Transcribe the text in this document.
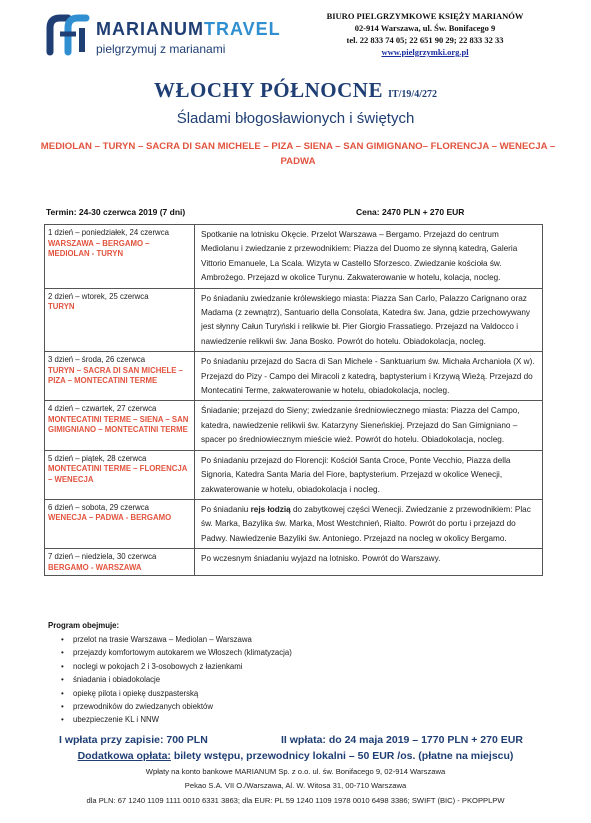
MARIANUMTRAVEL
pielgrzymuj z marianami
BIURO PIELGRZYMKOWE KSIĘŻY MARIANÓW
02-914 Warszawa, ul. Św. Bonifacego 9
tel. 22 833 74 05; 22 651 90 29; 22 833 32 33
www.pielgrzymki.org.pl
WŁOCHY PÓŁNOCNE IT/19/4/272
Śladami błogosławionych i świętych
MEDIOLAN – TURYN – SACRA DI SAN MICHELE – PIZA – SIENA – SAN GIMIGNANO– FLORENCJA – WENECJA – PADWA
Termin: 24-30 czerwca 2019 (7 dni)	Cena: 2470 PLN + 270 EUR
1 dzień – poniedziałek, 24 czerwca
WARSZAWA – BERGAMO – MEDIOLAN - TURYN	Spotkanie na lotnisku Okęcie. Przelot Warszawa – Bergamo. Przejazd do centrum Mediolanu i zwiedzanie z przewodnikiem: Piazza del Duomo ze słynną katedrą, Galeria Vittorio Emanuele, La Scala. Wizyta w Castello Sforzesco. Zwiedzanie kościoła św. Ambrożego. Przejazd w okolice Turynu. Zakwaterowanie w hotelu, kolacja, nocleg.

2 dzień – wtorek, 25 czerwca
TURYN	Po śniadaniu zwiedzanie królewskiego miasta: Piazza San Carlo, Palazzo Carignano oraz Madama (z zewnątrz), Santuario della Consolata, Katedra św. Jana, gdzie przechowywany jest słynny Całun Turyński i relikwie bł. Pier Giorgio Frassatiego. Przejazd na Valdocco i nawiedzenie relikwii św. Jana Bosko. Powrót do hotelu. Obiadokolacja, nocleg.

3 dzień – środa, 26 czerwca
TURYN – SACRA DI SAN MICHELE – PIZA – MONTECATINI TERME	Po śniadaniu przejazd do Sacra di San Michele - Sanktuarium św. Michała Archanioła (X w). Przejazd do Pizy - Campo dei Miracoli z katedrą, baptysterium i Krzywą Wieżą. Przejazd do Montecatini Terme, zakwaterowanie w hotelu, obiadokolacja, nocleg.

4 dzień – czwartek, 27 czerwca
MONTECATINI TERME – SIENA – SAN GIMIGNIANO – MONTECATINI TERME	Śniadanie; przejazd do Sieny; zwiedzanie średniowiecznego miasta: Piazza del Campo, katedra, nawiedzenie relikwii św. Katarzyny Sieneńskiej. Przejazd do San Gimigniano – spacer po średniowiecznym mieście wież. Powrót do hotelu. Obiadokolacja, nocleg.

5 dzień – piątek, 28 czerwca
MONTECATINI TERME – FLORENCJA – WENECJA	Po śniadaniu przejazd do Florencji: Kościół Santa Croce, Ponte Vecchio, Piazza della Signoria, Katedra Santa Maria del Fiore, baptysterium. Przejazd w okolice Wenecji, zakwaterowanie w hotelu, obiadokolacja i nocleg.

6 dzień – sobota, 29 czerwca
WENECJA – PADWA - BERGAMO	Po śniadaniu rejs łodzią do zabytkowej części Wenecji. Zwiedzanie z przewodnikiem: Plac św. Marka, Bazylika św. Marka, Most Westchnień, Rialto. Powrót do portu i przejazd do Padwy. Nawiedzenie Bazyliki św. Antoniego. Przejazd na nocleg w okolicy Bergamo.

7 dzień – niedziela, 30 czerwca
BERGAMO - WARSZAWA	Po wczesnym śniadaniu wyjazd na lotnisko. Powrót do Warszawy.
Program obejmuje:
• przelot na trasie Warszawa – Mediolan – Warszawa
• przejazdy komfortowym autokarem we Włoszech (klimatyzacja)
• noclegi w pokojach 2 i 3-osobowych z łazienkami
• śniadania i obiadokolacje
• opiekę pilota i opiekę duszpasterską
• przewodników do zwiedzanych obiektów
• ubezpieczenie KL i NNW
I wpłata przy zapisie: 700 PLN	II wpłata: do 24 maja 2019 – 1770 PLN + 270 EUR
Dodatkowa opłata: bilety wstępu, przewodnicy lokalni – 50 EUR /os. (płatne na miejscu)
Wpłaty na konto bankowe MARIANUM Sp. z o.o. ul. św. Bonifacego 9, 02-914 Warszawa
Pekao S.A. VII O./Warszawa, Al. W. Witosa 31, 00-710 Warszawa
dla PLN: 67 1240 1109 1111 0010 6331 3863; dla EUR: PL 59 1240 1109 1978 0010 6498 3386; SWIFT (BIC) - PKOPPLPW
